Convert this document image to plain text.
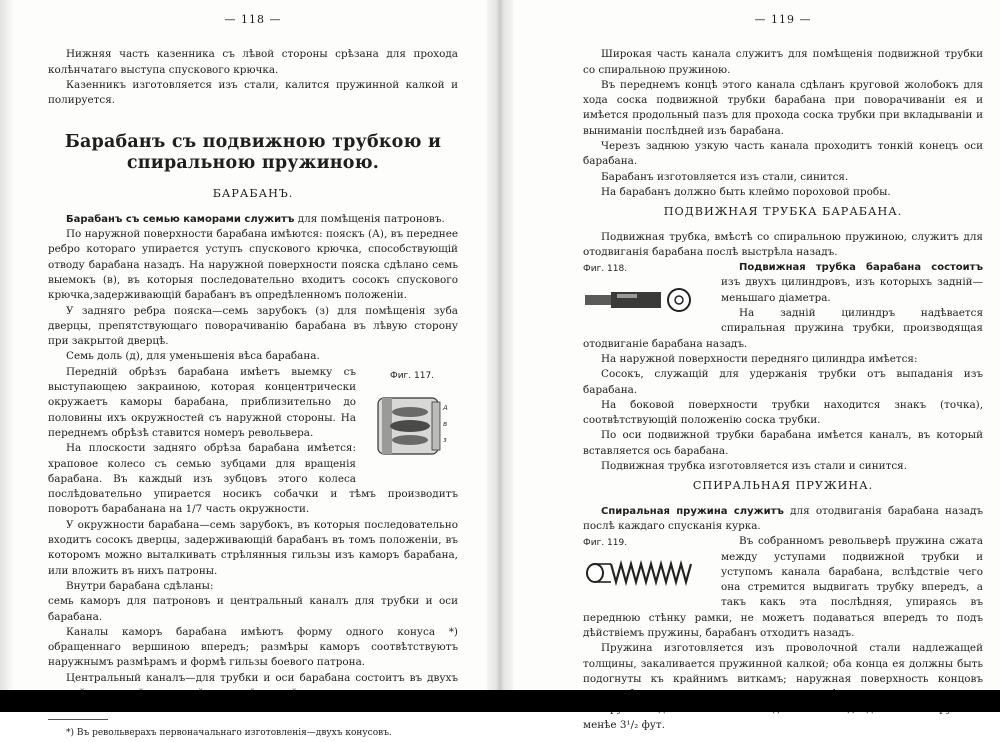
— 118 —

Нижняя часть казенника съ лѣвой стороны срѣзана для прохода колѣнчатаго выступа спускового крючка.

Казенникъ изготовляется изъ стали, калится пружинной калкой и полируется.

Барабанъ съ подвижною трубкою и спиральною пружиною.
БАРАБАНЪ.

Барабанъ съ семью каморами служитъ для помѣщенія патроновъ.

По наружной поверхности барабана имѣются: пояскъ (А), въ переднее ребро котораго упирается уступъ спускового крючка, способствующій отводу барабана назадъ. На наружной поверхности пояска сдѣлано семь выемокъ (в), въ которыя последовательно входитъ сосокъ спускового крючка,задерживающій барабанъ въ опредѣленномъ положеніи.

У задняго ребра пояска—семь зарубокъ (з) для помѣщенія зуба дверцы, препятствующаго поворачиванію барабана въ лѣвую сторону при закрытой дверцѣ.

Семь доль (д), для уменьшенія вѣса барабана.

Фиг. 117.
A
в
з

Передній обрѣзъ барабана имѣетъ выемку съ выступающею закраиною, которая концентрически окружаетъ каморы барабана, приблизительно до половины ихъ окружностей съ наружной стороны. На переднемъ обрѣзѣ ставится номеръ револьвера.

На плоскости задняго обрѣза барабана имѣется: храповое колесо съ семью зубцами для вращенія барабана. Въ каждый изъ зубцовъ этого колеса послѣдовательно упирается носикъ собачки и тѣмъ производитъ поворотъ барабанана на 1/7 часть окружности.

У окружности барабана—семь зарубокъ, въ которыя последовательно входитъ сосокъ дверцы, задерживающій барабанъ въ томъ положеніи, въ которомъ можно выталкивать стрѣлянныя гильзы изъ каморъ барабана, или вложить въ нихъ патроны.

Внутри барабана сдѣланы:

семь каморъ для патроновъ и центральный каналъ для трубки и оси барабана.

Каналы каморъ барабана имѣютъ форму одного конуса *) обращеннаго вершиною впередъ; размѣры каморъ соотвѣтствуютъ наружнымъ размѣрамъ и формѣ гильзы боевого патрона.

Центральный каналъ—для трубки и оси барабана состоитъ въ двухъ

*) Въ револьверахъ первоначальнаго изготовленія—двухъ конусовъ.

— 119 —

Широкая часть канала служитъ для помѣщенія подвижной трубки со спиральною пружиною.

Въ переднемъ концѣ этого канала сдѣланъ круговой жолобокъ для хода соска подвижной трубки барабана при поворачиваніи ея и имѣется продольный пазъ для прохода соска трубки при вкладываніи и выниманіи послѣдней изъ барабана.

Черезъ заднюю узкую часть канала проходитъ тонкій конецъ оси барабана.

Барабанъ изготовляется изъ стали, синится.

На барабанъ должно быть клеймо пороховой пробы.

ПОДВИЖНАЯ ТРУБКА БАРАБАНА.

Подвижная трубка, вмѣстѣ со спиральною пружиною, служитъ для отодвиганія барабана послѣ выстрѣла назадъ.

Фиг. 118.	Подвижная трубка барабана состоитъ изъ двухъ цилиндровъ, изъ которыхъ задній—меньшаго діаметра.

На задній цилиндръ надѣвается спиральная пружина трубки, производящая отодвиганіе барабана назадъ.

На наружной поверхности передняго цилиндра имѣется:

Сосокъ, служащій для удержанія трубки отъ выпаданія изъ барабана.

На боковой поверхности трубки находится знакъ (точка), соотвѣтствующій положенію соска трубки.

По оси подвижной трубки барабана имѣется каналъ, въ который вставляется ось барабана.

Подвижная трубка изготовляется изъ стали и синится.

СПИРАЛЬНАЯ ПРУЖИНА.

Спиральная пружина служитъ для отодвиганія барабана назадъ послѣ каждаго спусканія курка.

Фиг. 119.	Въ собранномъ револьверѣ пружина сжата между уступами подвижной трубки и уступомъ канала барабана, вслѣдствіе чего она стремится выдвигать трубку впередъ, а такъ какъ эта послѣдняя, упираясь въ переднюю стѣнку рамки, не можетъ подаваться впередъ то подъ дѣйствіемъ пружины, барабанъ отходитъ назадъ.

Пружина изготовляется изъ проволочной стали надлежащей толщины, закаливается пружинной калкой; оба конца ея должны быть подогнуты къ крайнимъ виткамъ; наружная поверхность концовъ

менѣе 3¹/₂ фут.
